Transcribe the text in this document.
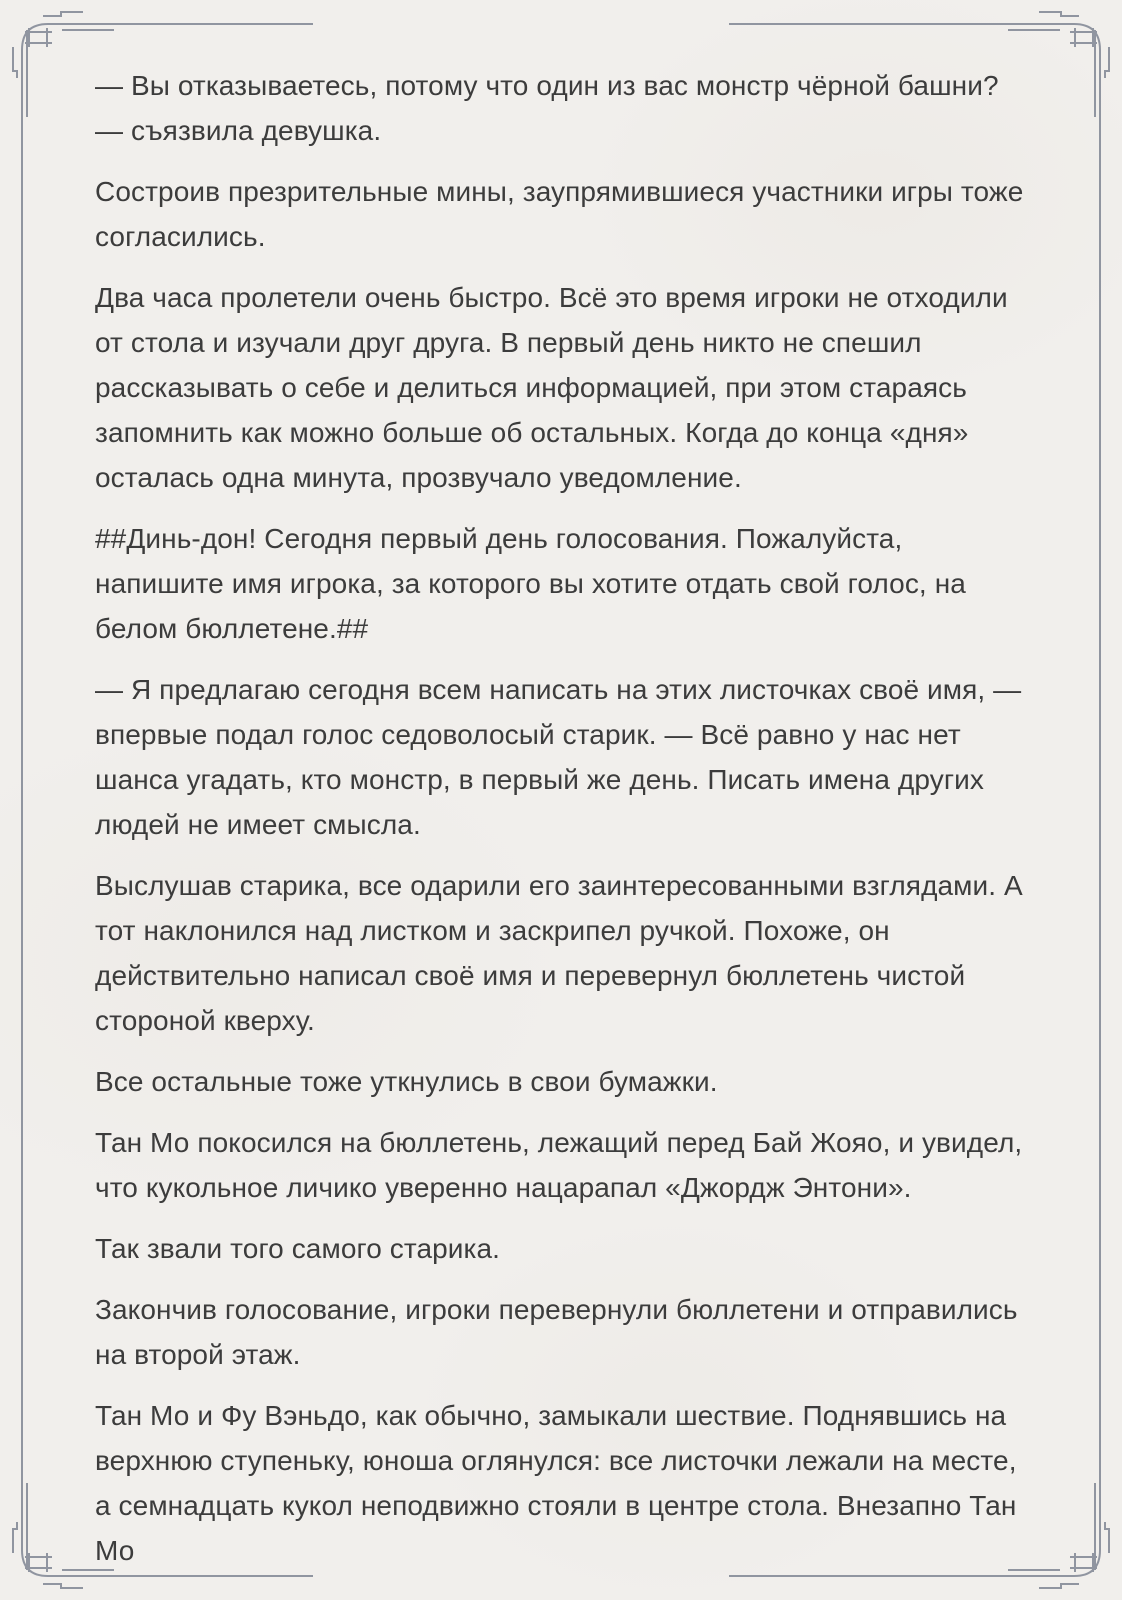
— Вы отказываетесь, потому что один из вас монстр чёрной башни? — съязвила девушка.

Состроив презрительные мины, заупрямившиеся участники игры тоже согласились.

Два часа пролетели очень быстро. Всё это время игроки не отходили от стола и изучали друг друга. В первый день никто не спешил рассказывать о себе и делиться информацией, при этом стараясь запомнить как можно больше об остальных. Когда до конца «дня» осталась одна минута, прозвучало уведомление.

##Динь-дон! Сегодня первый день голосования. Пожалуйста, напишите имя игрока, за которого вы хотите отдать свой голос, на белом бюллетене.##

— Я предлагаю сегодня всем написать на этих листочках своё имя, — впервые подал голос седоволосый старик. — Всё равно у нас нет шанса угадать, кто монстр, в первый же день. Писать имена других людей не имеет смысла.

Выслушав старика, все одарили его заинтересованными взглядами. А тот наклонился над листком и заскрипел ручкой. Похоже, он действительно написал своё имя и перевернул бюллетень чистой стороной кверху.

Все остальные тоже уткнулись в свои бумажки.

Тан Мо покосился на бюллетень, лежащий перед Бай Жояо, и увидел, что кукольное личико уверенно нацарапал «Джордж Энтони».

Так звали того самого старика.

Закончив голосование, игроки перевернули бюллетени и отправились на второй этаж.

Тан Мо и Фу Вэньдо, как обычно, замыкали шествие. Поднявшись на верхнюю ступеньку, юноша оглянулся: все листочки лежали на месте, а семнадцать кукол неподвижно стояли в центре стола. Внезапно Тан Мо
